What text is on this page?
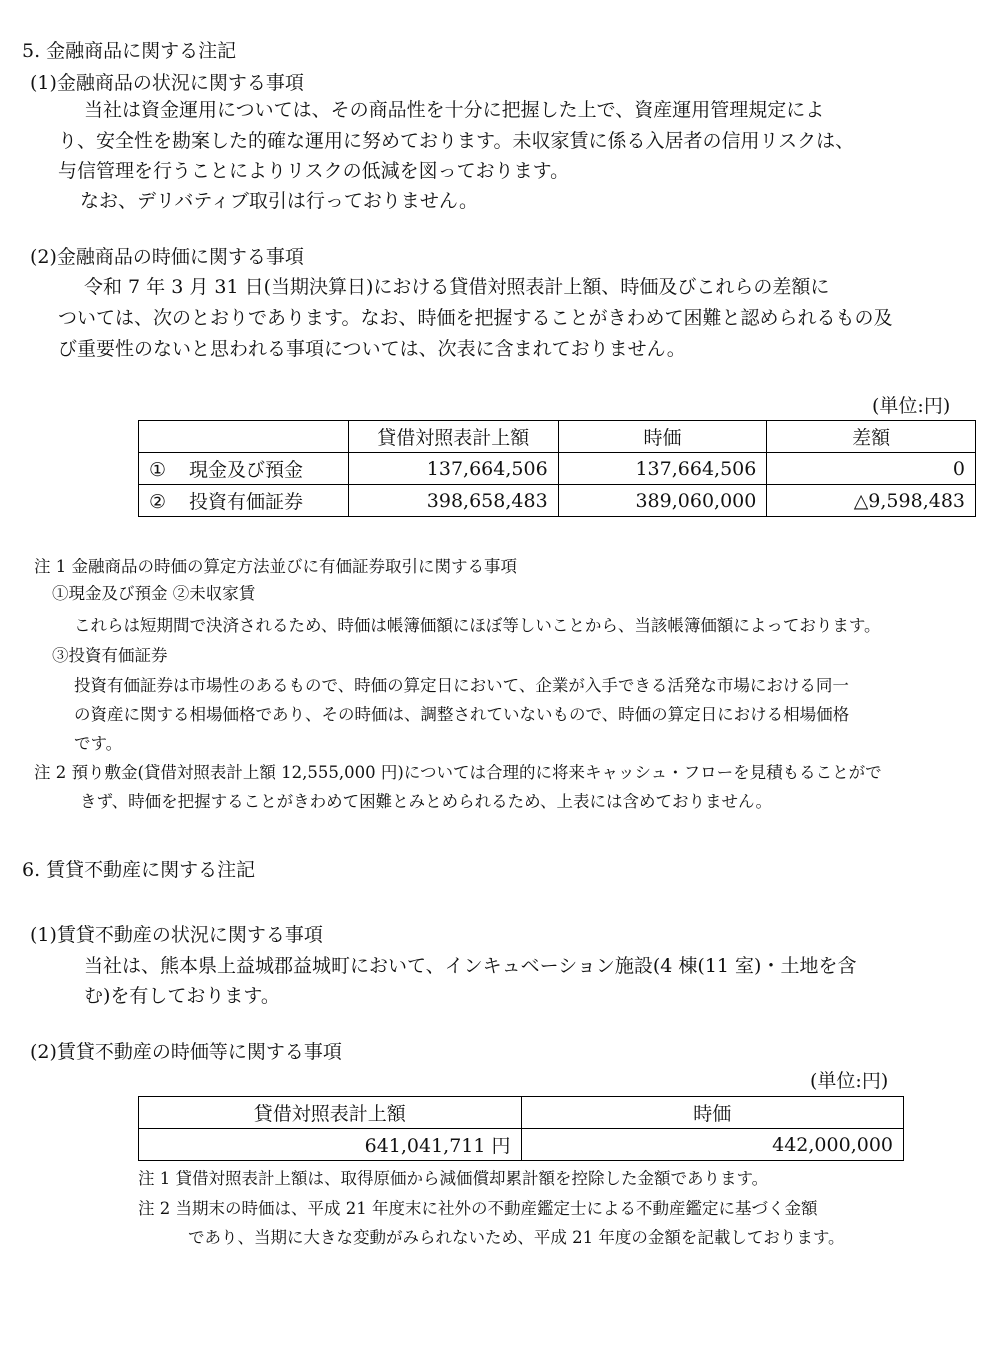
5. 金融商品に関する注記
(1)金融商品の状況に関する事項
当社は資金運用については、その商品性を十分に把握した上で、資産運用管理規定によ
り、安全性を勘案した的確な運用に努めております。未収家賃に係る入居者の信用リスクは、
与信管理を行うことによりリスクの低減を図っております。
なお、デリバティブ取引は行っておりません。
(2)金融商品の時価に関する事項
令和 7 年 3 月 31 日(当期決算日)における貸借対照表計上額、時価及びこれらの差額に
ついては、次のとおりであります。なお、時価を把握することがきわめて困難と認められるもの及
び重要性のないと思われる事項については、次表に含まれておりません。
(単位:円)
	貸借対照表計上額	時価	差額
① 現金及び預金	137,664,506	137,664,506	0
② 投資有価証券	398,658,483	389,060,000	△9,598,483
注 1 金融商品の時価の算定方法並びに有価証券取引に関する事項
①現金及び預金 ②未収家賃
これらは短期間で決済されるため、時価は帳簿価額にほぼ等しいことから、当該帳簿価額によっております。
③投資有価証券
投資有価証券は市場性のあるもので、時価の算定日において、企業が入手できる活発な市場における同一
の資産に関する相場価格であり、その時価は、調整されていないもので、時価の算定日における相場価格
です。
注 2 預り敷金(貸借対照表計上額 12,555,000 円)については合理的に将来キャッシュ・フローを見積もることがで
きず、時価を把握することがきわめて困難とみとめられるため、上表には含めておりません。
6. 賃貸不動産に関する注記
(1)賃貸不動産の状況に関する事項
当社は、熊本県上益城郡益城町において、インキュベーション施設(4 棟(11 室)・土地を含
む)を有しております。
(2)賃貸不動産の時価等に関する事項
(単位:円)
貸借対照表計上額	時価
641,041,711 円	442,000,000
注 1 貸借対照表計上額は、取得原価から減価償却累計額を控除した金額であります。
注 2 当期末の時価は、平成 21 年度末に社外の不動産鑑定士による不動産鑑定に基づく金額
であり、当期に大きな変動がみられないため、平成 21 年度の金額を記載しております。
